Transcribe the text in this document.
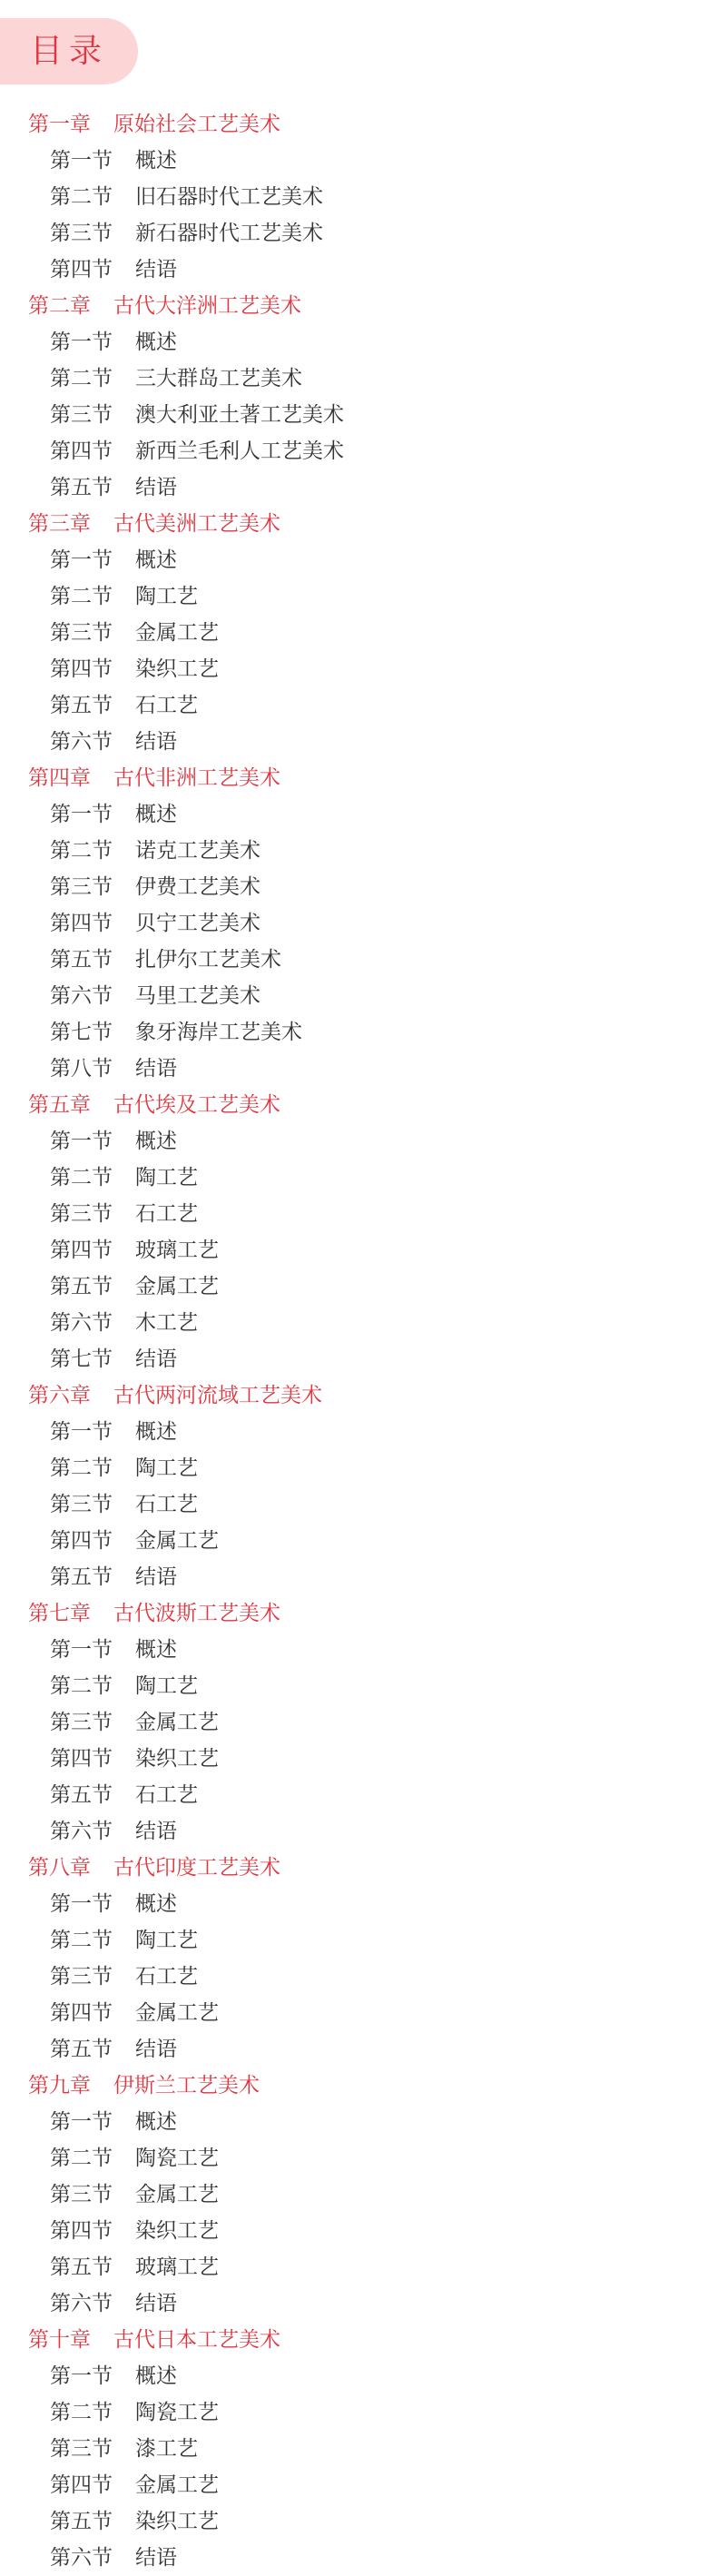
目录
第一章 原始社会工艺美术
第一节 概述
第二节 旧石器时代工艺美术
第三节 新石器时代工艺美术
第四节 结语
第二章 古代大洋洲工艺美术
第一节 概述
第二节 三大群岛工艺美术
第三节 澳大利亚土著工艺美术
第四节 新西兰毛利人工艺美术
第五节 结语
第三章 古代美洲工艺美术
第一节 概述
第二节 陶工艺
第三节 金属工艺
第四节 染织工艺
第五节 石工艺
第六节 结语
第四章 古代非洲工艺美术
第一节 概述
第二节 诺克工艺美术
第三节 伊费工艺美术
第四节 贝宁工艺美术
第五节 扎伊尔工艺美术
第六节 马里工艺美术
第七节 象牙海岸工艺美术
第八节 结语
第五章 古代埃及工艺美术
第一节 概述
第二节 陶工艺
第三节 石工艺
第四节 玻璃工艺
第五节 金属工艺
第六节 木工艺
第七节 结语
第六章 古代两河流域工艺美术
第一节 概述
第二节 陶工艺
第三节 石工艺
第四节 金属工艺
第五节 结语
第七章 古代波斯工艺美术
第一节 概述
第二节 陶工艺
第三节 金属工艺
第四节 染织工艺
第五节 石工艺
第六节 结语
第八章 古代印度工艺美术
第一节 概述
第二节 陶工艺
第三节 石工艺
第四节 金属工艺
第五节 结语
第九章 伊斯兰工艺美术
第一节 概述
第二节 陶瓷工艺
第三节 金属工艺
第四节 染织工艺
第五节 玻璃工艺
第六节 结语
第十章 古代日本工艺美术
第一节 概述
第二节 陶瓷工艺
第三节 漆工艺
第四节 金属工艺
第五节 染织工艺
第六节 结语
